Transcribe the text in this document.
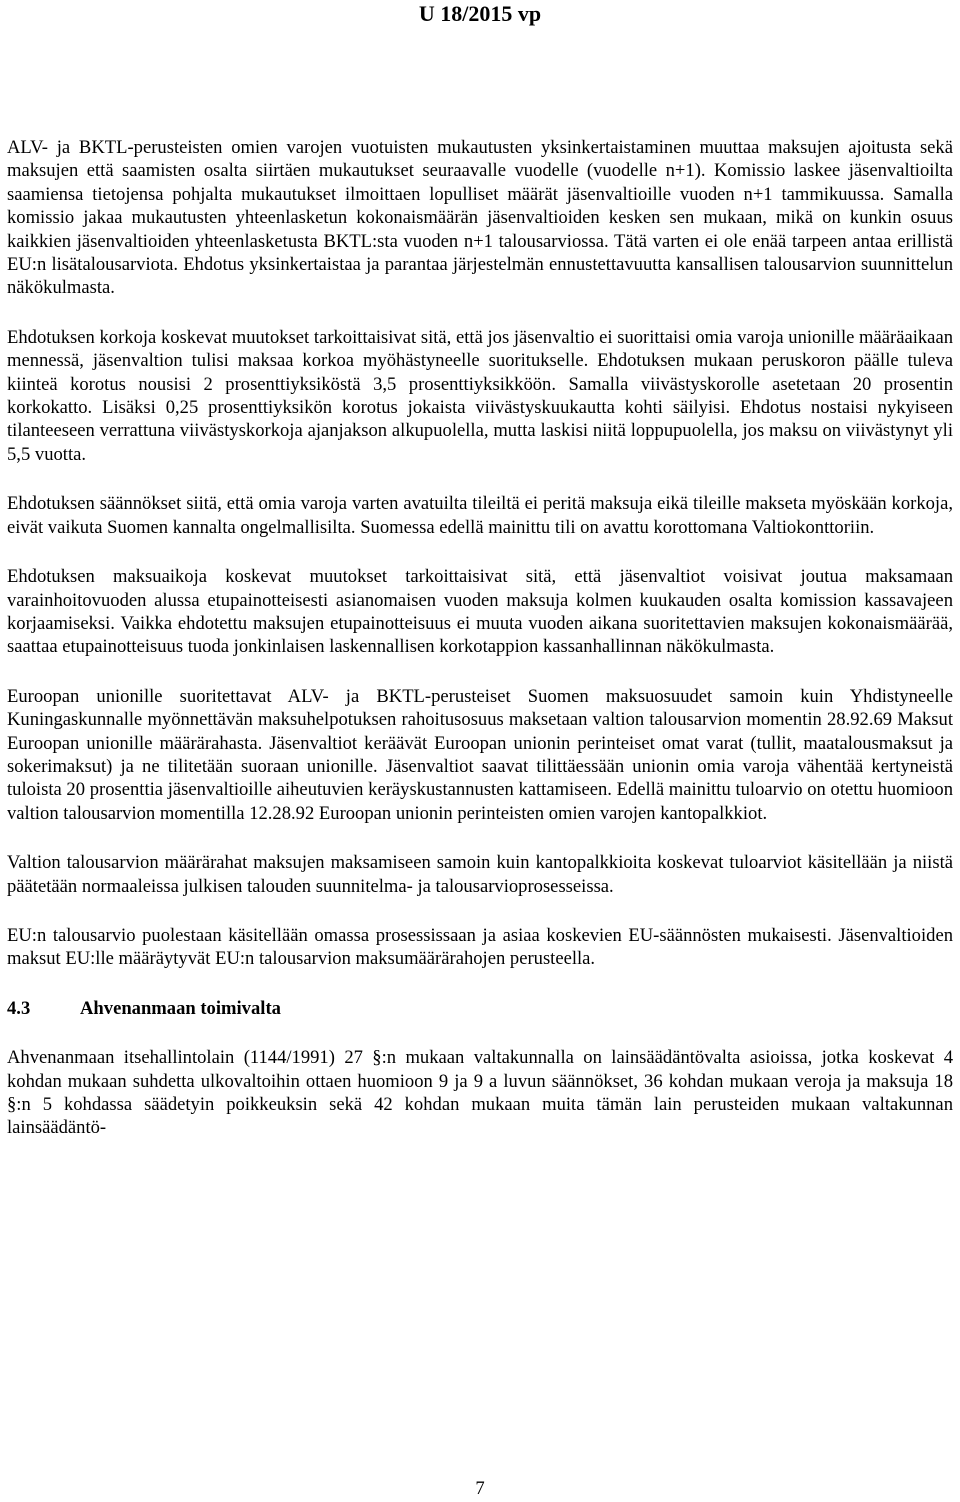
U 18/2015 vp

ALV- ja BKTL-perusteisten omien varojen vuotuisten mukautusten yksinkertaistaminen muuttaa maksujen ajoitusta sekä maksujen että saamisten osalta siirtäen mukautukset seuraavalle vuodelle (vuodelle n+1). Komissio laskee jäsenvaltioilta saamiensa tietojensa pohjalta mukautukset ilmoittaen lopulliset määrät jäsenvaltioille vuoden n+1 tammikuussa. Samalla komissio jakaa mukautusten yhteenlasketun kokonaismäärän jäsenvaltioiden kesken sen mukaan, mikä on kunkin osuus kaikkien jäsenvaltioiden yhteenlasketusta BKTL:sta vuoden n+1 talousarviossa. Tätä varten ei ole enää tarpeen antaa erillistä EU:n lisätalousarviota. Ehdotus yksinkertaistaa ja parantaa järjestelmän ennustettavuutta kansallisen talousarvion suunnittelun näkökulmasta.

Ehdotuksen korkoja koskevat muutokset tarkoittaisivat sitä, että jos jäsenvaltio ei suorittaisi omia varoja unionille määräaikaan mennessä, jäsenvaltion tulisi maksaa korkoa myöhästyneelle suoritukselle. Ehdotuksen mukaan peruskoron päälle tuleva kiinteä korotus nousisi 2 prosenttiyksiköstä 3,5 prosenttiyksikköön. Samalla viivästyskorolle asetetaan 20 prosentin korkokatto. Lisäksi 0,25 prosenttiyksikön korotus jokaista viivästyskuukautta kohti säilyisi. Ehdotus nostaisi nykyiseen tilanteeseen verrattuna viivästyskorkoja ajanjakson alkupuolella, mutta laskisi niitä loppupuolella, jos maksu on viivästynyt yli 5,5 vuotta.

Ehdotuksen säännökset siitä, että omia varoja varten avatuilta tileiltä ei peritä maksuja eikä tileille makseta myöskään korkoja, eivät vaikuta Suomen kannalta ongelmallisilta. Suomessa edellä mainittu tili on avattu korottomana Valtiokonttoriin.

Ehdotuksen maksuaikoja koskevat muutokset tarkoittaisivat sitä, että jäsenvaltiot voisivat joutua maksamaan varainhoitovuoden alussa etupainotteisesti asianomaisen vuoden maksuja kolmen kuukauden osalta komission kassavajeen korjaamiseksi. Vaikka ehdotettu maksujen etupainotteisuus ei muuta vuoden aikana suoritettavien maksujen kokonaismäärää, saattaa etupainotteisuus tuoda jonkinlaisen laskennallisen korkotappion kassanhallinnan näkökulmasta.

Euroopan unionille suoritettavat ALV- ja BKTL-perusteiset Suomen maksuosuudet samoin kuin Yhdistyneelle Kuningaskunnalle myönnettävän maksuhelpotuksen rahoitusosuus maksetaan valtion talousarvion momentin 28.92.69 Maksut Euroopan unionille määrärahasta. Jäsenvaltiot keräävät Euroopan unionin perinteiset omat varat (tullit, maatalousmaksut ja sokerimaksut) ja ne tilitetään suoraan unionille. Jäsenvaltiot saavat tilittäessään unionin omia varoja vähentää kertyneistä tuloista 20 prosenttia jäsenvaltioille aiheutuvien keräyskustannusten kattamiseen. Edellä mainittu tuloarvio on otettu huomioon valtion talousarvion momentilla 12.28.92 Euroopan unionin perinteisten omien varojen kantopalkkiot.

Valtion talousarvion määrärahat maksujen maksamiseen samoin kuin kantopalkkioita koskevat tuloarviot käsitellään ja niistä päätetään normaaleissa julkisen talouden suunnitelma- ja talousarvioprosesseissa.

EU:n talousarvio puolestaan käsitellään omassa prosessissaan ja asiaa koskevien EU-säännösten mukaisesti. Jäsenvaltioiden maksut EU:lle määräytyvät EU:n talousarvion maksumäärärahojen perusteella.

4.3	Ahvenanmaan toimivalta

Ahvenanmaan itsehallintolain (1144/1991) 27 §:n mukaan valtakunnalla on lainsäädäntövalta asioissa, jotka koskevat 4 kohdan mukaan suhdetta ulkovaltoihin ottaen huomioon 9 ja 9 a luvun säännökset, 36 kohdan mukaan veroja ja maksuja 18 §:n 5 kohdassa säädetyin poikkeuksin sekä 42 kohdan mukaan muita tämän lain perusteiden mukaan valtakunnan lainsäädäntö-

7
